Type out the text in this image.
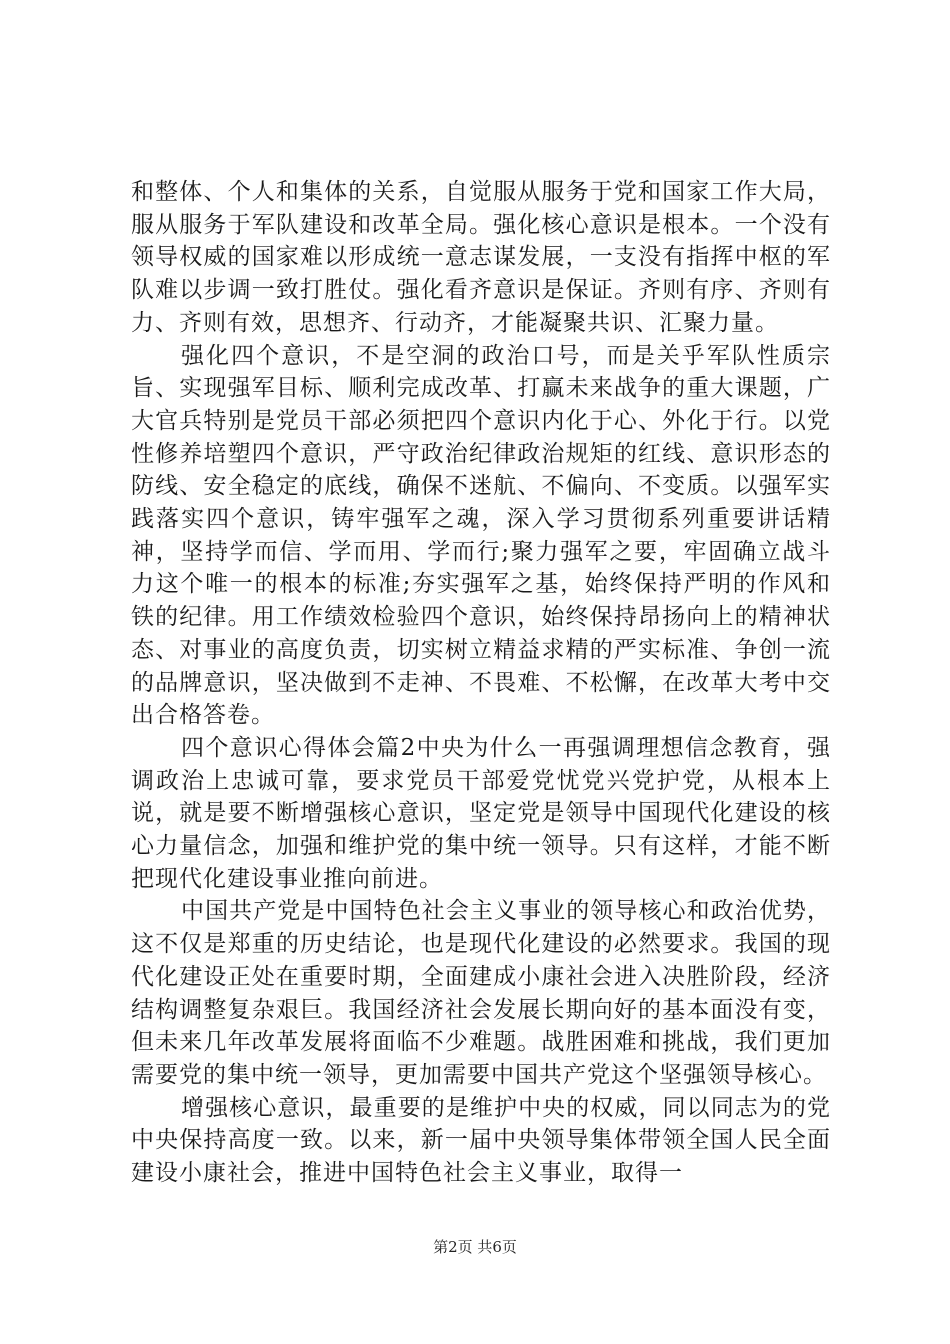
和整体、个人和集体的关系，自觉服从服务于党和国家工作大局，服从服务于军队建设和改革全局。强化核心意识是根本。一个没有领导权威的国家难以形成统一意志谋发展，一支没有指挥中枢的军队难以步调一致打胜仗。强化看齐意识是保证。齐则有序、齐则有力、齐则有效，思想齐、行动齐，才能凝聚共识、汇聚力量。

强化四个意识，不是空洞的政治口号，而是关乎军队性质宗旨、实现强军目标、顺利完成改革、打赢未来战争的重大课题，广大官兵特别是党员干部必须把四个意识内化于心、外化于行。以党性修养培塑四个意识，严守政治纪律政治规矩的红线、意识形态的防线、安全稳定的底线，确保不迷航、不偏向、不变质。以强军实践落实四个意识，铸牢强军之魂，深入学习贯彻系列重要讲话精神，坚持学而信、学而用、学而行;聚力强军之要，牢固确立战斗力这个唯一的根本的标准;夯实强军之基，始终保持严明的作风和铁的纪律。用工作绩效检验四个意识，始终保持昂扬向上的精神状态、对事业的高度负责，切实树立精益求精的严实标准、争创一流的品牌意识，坚决做到不走神、不畏难、不松懈，在改革大考中交出合格答卷。

四个意识心得体会篇2中央为什么一再强调理想信念教育，强调政治上忠诚可靠，要求党员干部爱党忧党兴党护党，从根本上说，就是要不断增强核心意识，坚定党是领导中国现代化建设的核心力量信念，加强和维护党的集中统一领导。只有这样，才能不断把现代化建设事业推向前进。

中国共产党是中国特色社会主义事业的领导核心和政治优势，这不仅是郑重的历史结论，也是现代化建设的必然要求。我国的现代化建设正处在重要时期，全面建成小康社会进入决胜阶段，经济结构调整复杂艰巨。我国经济社会发展长期向好的基本面没有变，但未来几年改革发展将面临不少难题。战胜困难和挑战，我们更加需要党的集中统一领导，更加需要中国共产党这个坚强领导核心。

增强核心意识，最重要的是维护中央的权威，同以同志为的党中央保持高度一致。以来，新一届中央领导集体带领全国人民全面建设小康社会，推进中国特色社会主义事业，取得一

第2页 共6页
